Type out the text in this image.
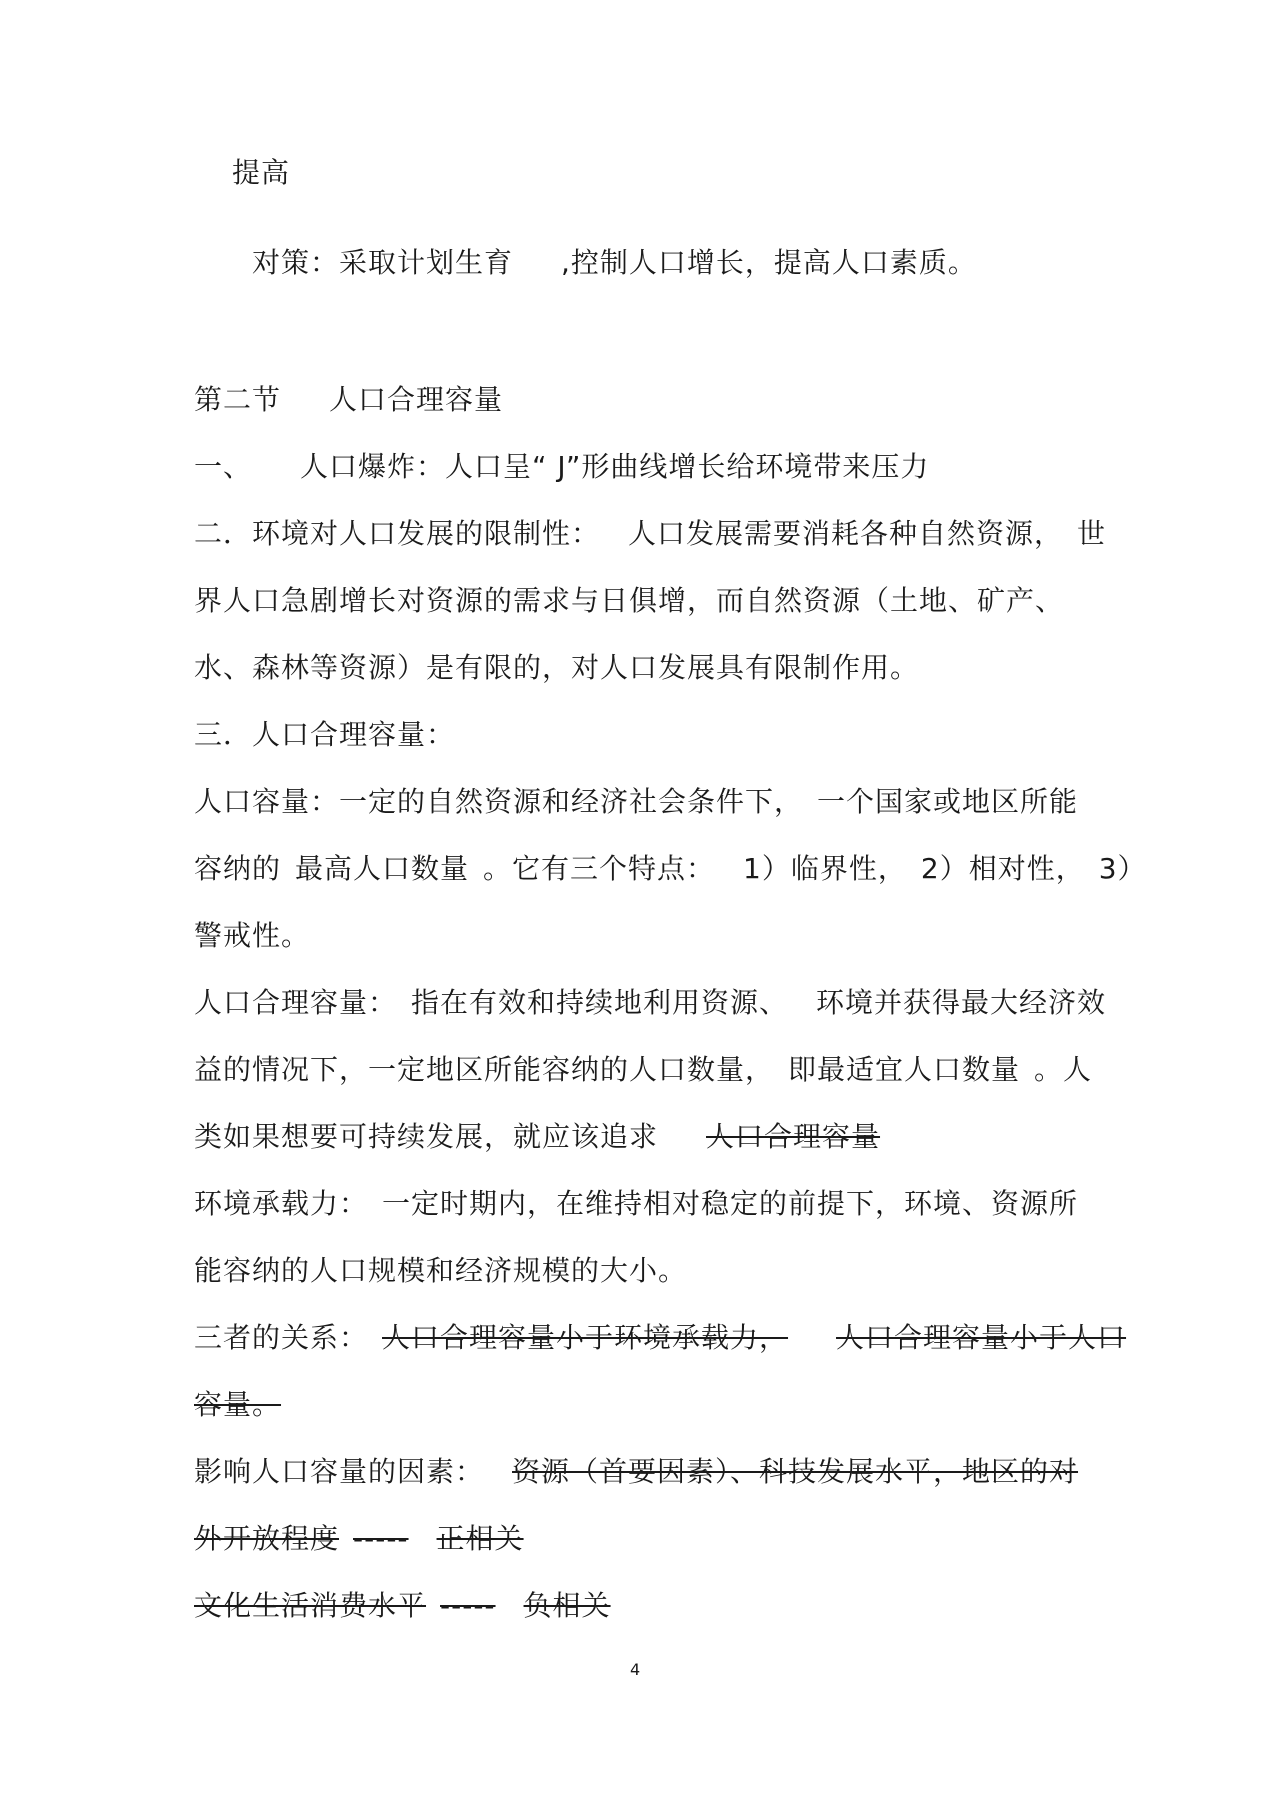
提高
对策：采取计划生育 ,控制人口增长，提高人口素质。
第二节 人口合理容量
一、 人口爆炸：人口呈“ J”形曲线增长给环境带来压力
二．环境对人口发展的限制性： 人口发展需要消耗各种自然资源， 世
界人口急剧增长对资源的需求与日俱增，而自然资源（土地、矿产、
水、森林等资源）是有限的，对人口发展具有限制作用。
三．人口合理容量：
人口容量：一定的自然资源和经济社会条件下， 一个国家或地区所能
容纳的 最高人口数量 。它有三个特点： 1）临界性， 2）相对性， 3）
警戒性。
人口合理容量： 指在有效和持续地利用资源、 环境并获得最大经济效
益的情况下，一定地区所能容纳的人口数量， 即最适宜人口数量 。人
类如果想要可持续发展，就应该追求 人口合理容量
环境承载力： 一定时期内，在维持相对稳定的前提下，环境、资源所
能容纳的人口规模和经济规模的大小。
三者的关系： 人口合理容量小于环境承载力， 人口合理容量小于人口
容量。
影响人口容量的因素： 资源（首要因素）、科技发展水平，地区的对
外开放程度 ----- 正相关
文化生活消费水平 ----- 负相关
4
